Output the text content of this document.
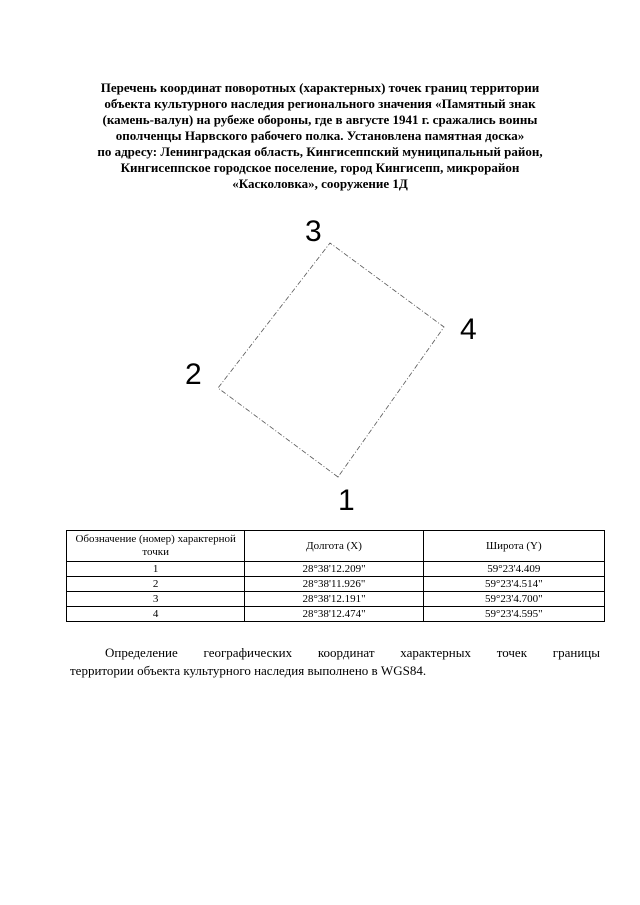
Перечень координат поворотных (характерных) точек границ территории
объекта культурного наследия регионального значения «Памятный знак
(камень-валун) на рубеже обороны, где в августе 1941 г. сражались воины
ополченцы Нарвского рабочего полка. Установлена памятная доска»
по адресу: Ленинградская область, Кингисеппский муниципальный район,
Кингисеппское городское поселение, город Кингисепп, микрорайон
«Касколовка», сооружение 1Д
1
2
3
4
Обозначение (номер) характерной точки	Долгота (X)	Широта (Y)
1	28°38'12.209"	59°23'4.409
2	28°38'11.926"	59°23'4.514"
3	28°38'12.191"	59°23'4.700"
4	28°38'12.474"	59°23'4.595"

Определение географических координат характерных точек границы

территории объекта культурного наследия выполнено в WGS84.
